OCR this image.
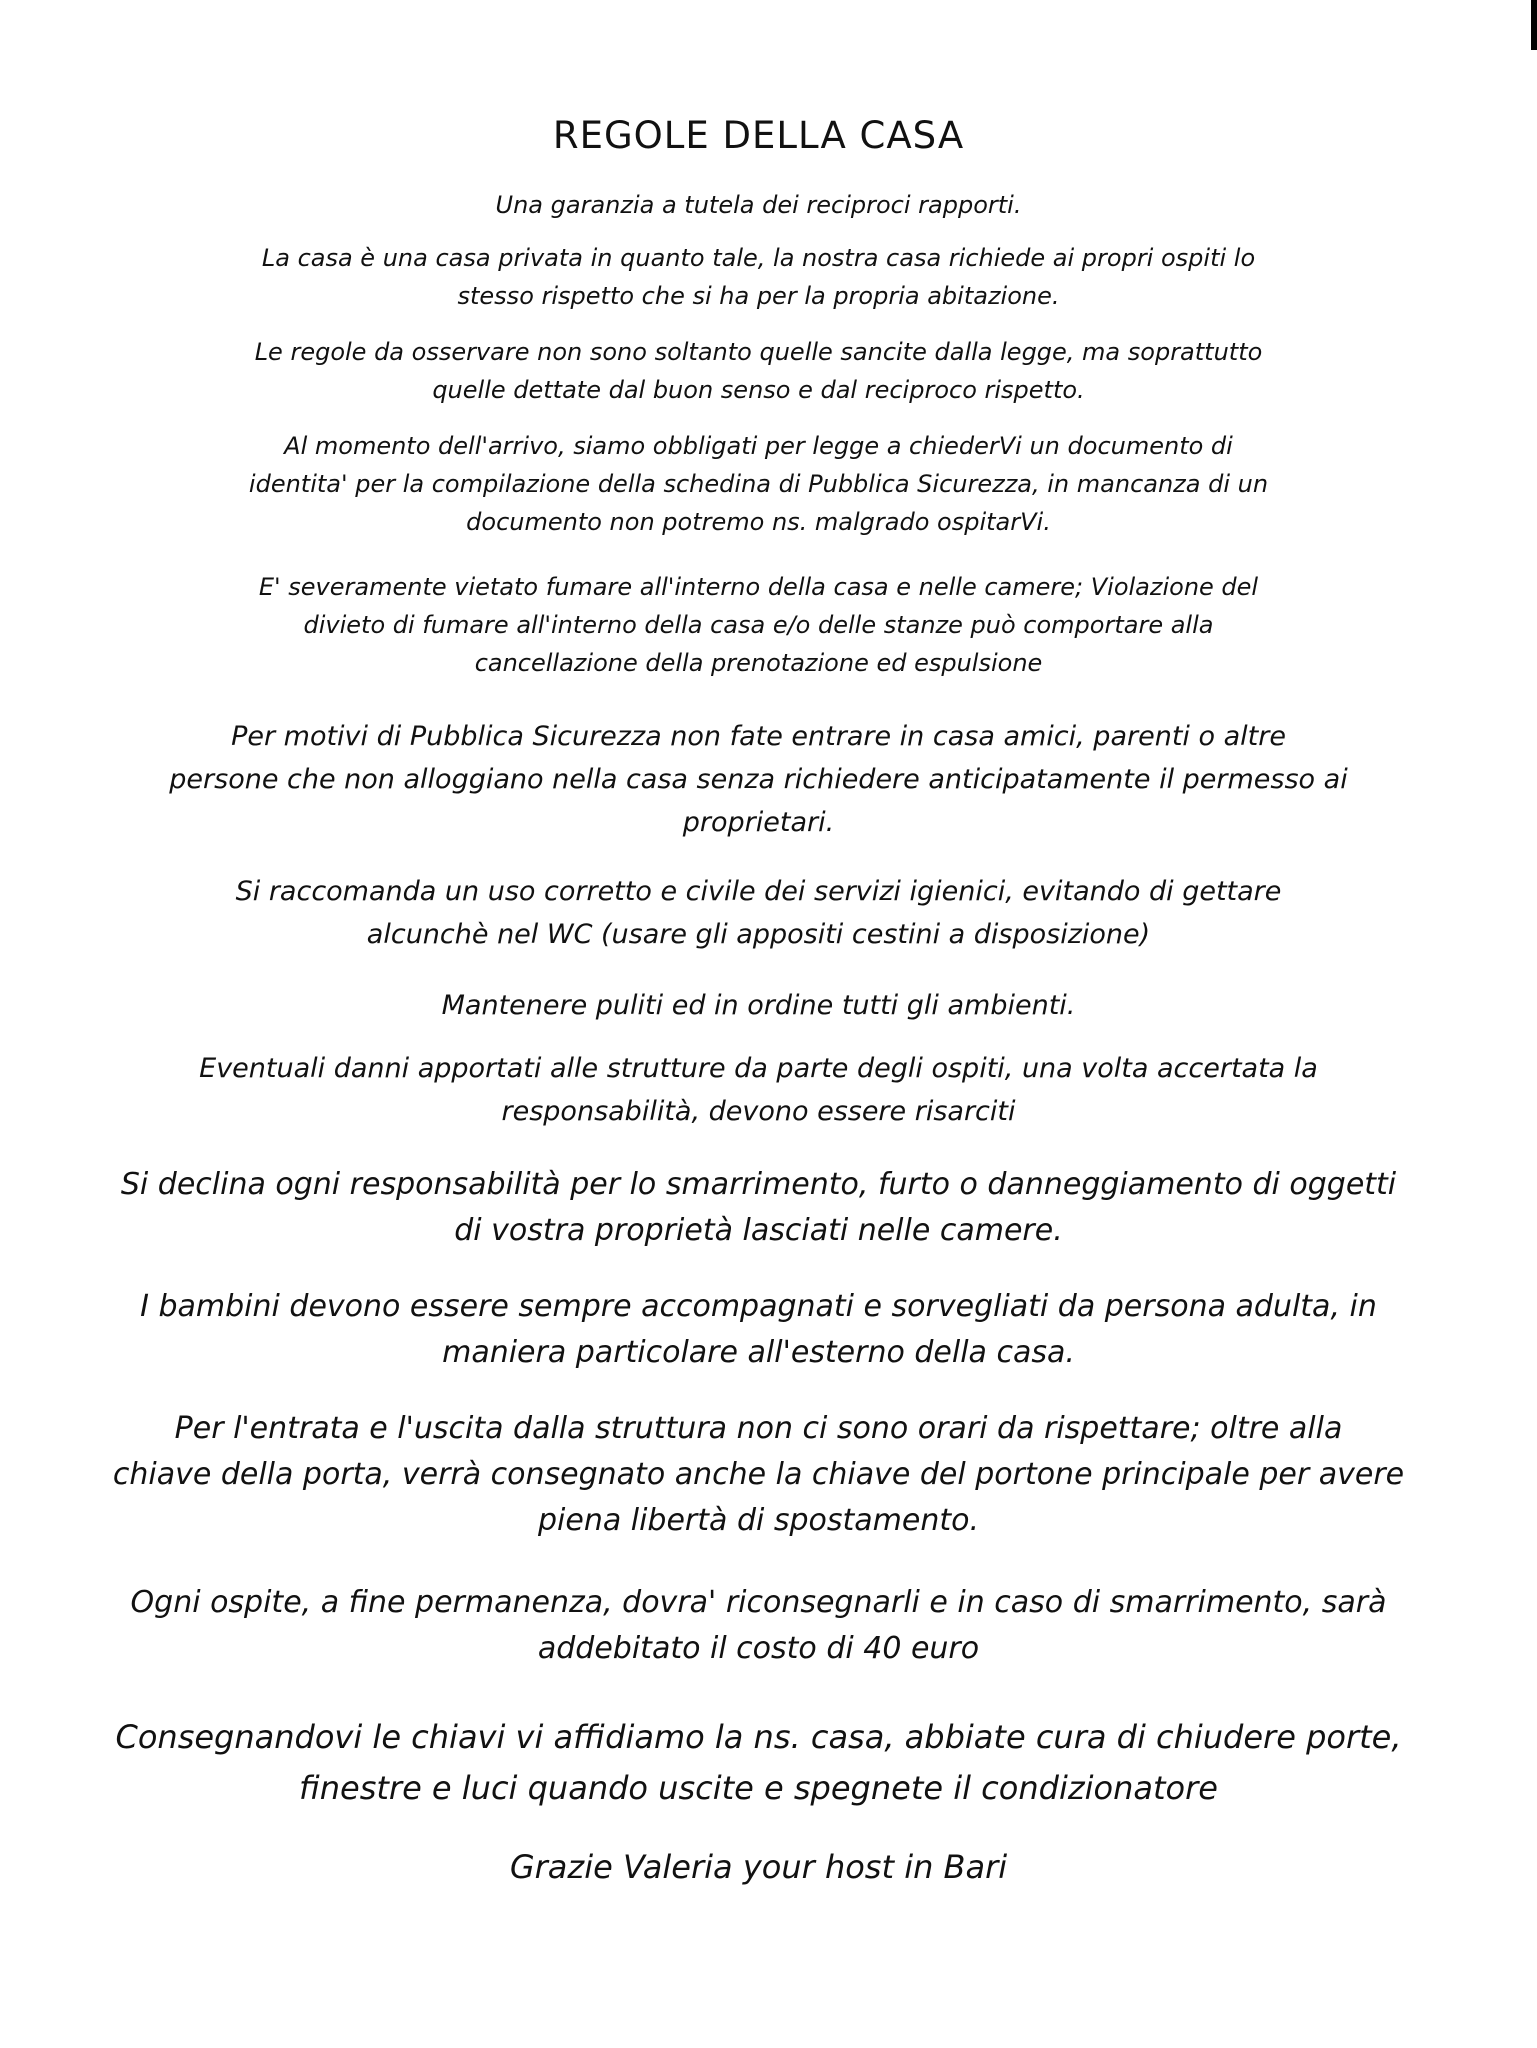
REGOLE DELLA CASA
Una garanzia a tutela dei reciproci rapporti.
La casa è una casa privata in quanto tale, la nostra casa richiede ai propri ospiti lo
stesso rispetto che si ha per la propria abitazione.
Le regole da osservare non sono soltanto quelle sancite dalla legge, ma soprattutto
quelle dettate dal buon senso e dal reciproco rispetto.
Al momento dell'arrivo, siamo obbligati per legge a chiederVi un documento di
identita' per la compilazione della schedina di Pubblica Sicurezza, in mancanza di un
documento non potremo ns. malgrado ospitarVi.
E' severamente vietato fumare all'interno della casa e nelle camere; Violazione del
divieto di fumare all'interno della casa e/o delle stanze può comportare alla
cancellazione della prenotazione ed espulsione
Per motivi di Pubblica Sicurezza non fate entrare in casa amici, parenti o altre
persone che non alloggiano nella casa senza richiedere anticipatamente il permesso ai
proprietari.
Si raccomanda un uso corretto e civile dei servizi igienici, evitando di gettare
alcunchè nel WC (usare gli appositi cestini a disposizione)
Mantenere puliti ed in ordine tutti gli ambienti.
Eventuali danni apportati alle strutture da parte degli ospiti, una volta accertata la
responsabilità, devono essere risarciti
Si declina ogni responsabilità per lo smarrimento, furto o danneggiamento di oggetti
di vostra proprietà lasciati nelle camere.
I bambini devono essere sempre accompagnati e sorvegliati da persona adulta, in
maniera particolare all'esterno della casa.
Per l'entrata e l'uscita dalla struttura non ci sono orari da rispettare; oltre alla
chiave della porta, verrà consegnato anche la chiave del portone principale per avere
piena libertà di spostamento.
Ogni ospite, a fine permanenza, dovra' riconsegnarli e in caso di smarrimento, sarà
addebitato il costo di 40 euro
Consegnandovi le chiavi vi affidiamo la ns. casa, abbiate cura di chiudere porte,
finestre e luci quando uscite e spegnete il condizionatore
Grazie Valeria your host in Bari
